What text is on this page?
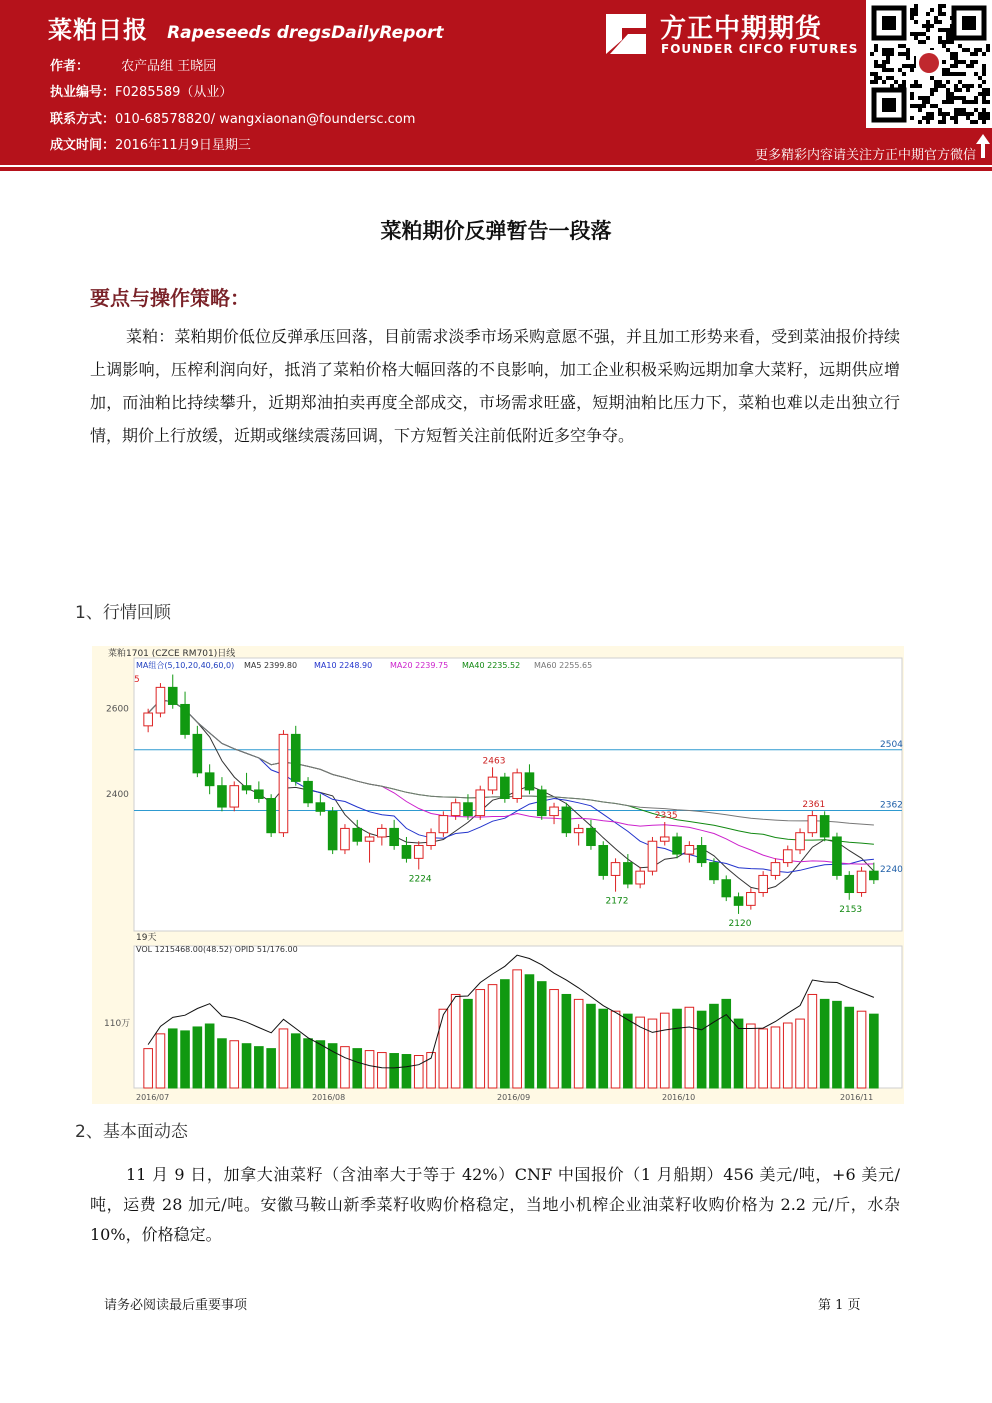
菜粕日报 Rapeseeds dregsDailyReport
作者： 农产品组 王晓园
执业编号：F0285589（从业）
联系方式：010-68578820/ wangxiaonan@foundersc.com
成文时间：2016年11月9日星期三
方正中期期货
FOUNDER CIFCO FUTURES
更多精彩内容请关注方正中期官方微信
菜粕期价反弹暂告一段落
要点与操作策略：
菜粕：菜粕期价低位反弹承压回落，目前需求淡季市场采购意愿不强，并且加工形势来看，受到菜油报价持续上调影响，压榨利润向好，抵消了菜粕价格大幅回落的不良影响，加工企业积极采购远期加拿大菜籽，远期供应增加，而油粕比持续攀升，近期郑油拍卖再度全部成交，市场需求旺盛，短期油粕比压力下，菜粕也难以走出独立行情，期价上行放缓，近期或继续震荡回调，下方短暂关注前低附近多空争夺。
1、行情回顾
2504
2362
2600
2400
菜粕1701 (CZCE RM701)日线
MA组合(5,10,20,40,60,0) MA5 2399.80 MA10 2248.90 MA20 2239.75 MA40 2235.52 MA60 2255.65
5
2240
2463
2224
2172
2335
2120
2361
2153
19天
VOL 1215468.00(48.52) OPID 51/176.00
110万
2016/07	2016/08	2016/09	2016/10	2016/11
2、基本面动态
11 月 9 日，加拿大油菜籽（含油率大于等于 42%）CNF 中国报价（1 月船期）456 美元/吨，+6 美元/吨，运费 28 加元/吨。安徽马鞍山新季菜籽收购价格稳定，当地小机榨企业油菜籽收购价格为 2.2 元/斤，水杂 10%，价格稳定。
请务必阅读最后重要事项	第 1 页
